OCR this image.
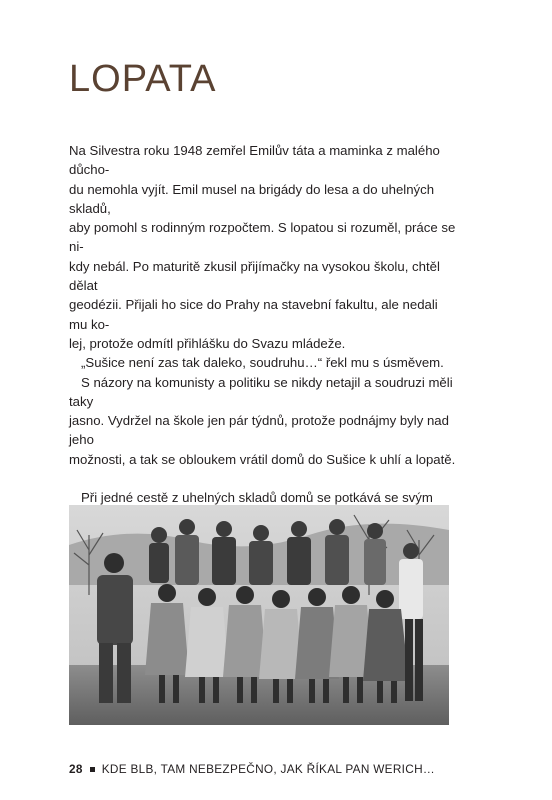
LOPATA

Na Silvestra roku 1948 zemřel Emilův táta a maminka z malého důcho-
du nemohla vyjít. Emil musel na brigády do lesa a do uhelných skladů,
aby pomohl s rodinným rozpočtem. S lopatou si rozuměl, práce se ni-
kdy nebál. Po maturitě zkusil přijímačky na vysokou školu, chtěl dělat
geodézii. Přijali ho sice do Prahy na stavební fakultu, ale nedali mu ko-
lej, protože odmítl přihlášku do Svazu mládeže.

„Sušice není zas tak daleko, soudruhu…“ řekl mu s úsměvem.

S názory na komunisty a politiku se nikdy netajil a soudruzi měli taky
jasno. Vydržel na škole jen pár týdnů, protože podnájmy byly nad jeho
možnosti, a tak se obloukem vrátil domů do Sušice k uhlí a lopatě.

Při jedné cestě z uhelných skladů domů se potkává se svým

28 KDE BLB, TAM NEBEZPEČNO, JAK ŘÍKAL PAN WERICH…
